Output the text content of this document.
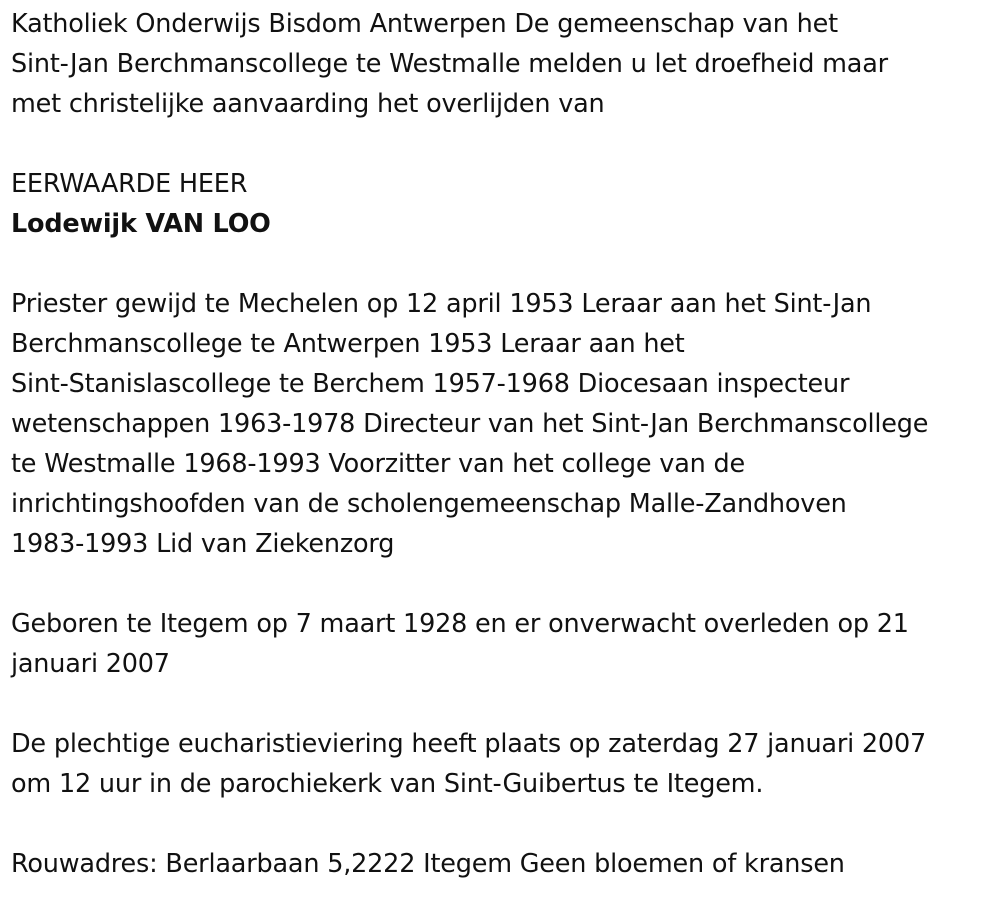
Katholiek Onderwijs Bisdom Antwerpen De gemeenschap van het
Sint-Jan Berchmanscollege te Westmalle melden u let droefheid maar
met christelijke aanvaarding het overlijden van
EERWAARDE HEER
Lodewijk VAN LOO
Priester gewijd te Mechelen op 12 april 1953 Leraar aan het Sint-Jan
Berchmanscollege te Antwerpen 1953 Leraar aan het
Sint-Stanislascollege te Berchem 1957-1968 Diocesaan inspecteur
wetenschappen 1963-1978 Directeur van het Sint-Jan Berchmanscollege
te Westmalle 1968-1993 Voorzitter van het college van de
inrichtingshoofden van de scholengemeenschap Malle-Zandhoven
1983-1993 Lid van Ziekenzorg
Geboren te Itegem op 7 maart 1928 en er onverwacht overleden op 21
januari 2007
De plechtige eucharistieviering heeft plaats op zaterdag 27 januari 2007
om 12 uur in de parochiekerk van Sint-Guibertus te Itegem.
Rouwadres: Berlaarbaan 5,2222 Itegem Geen bloemen of kransen
